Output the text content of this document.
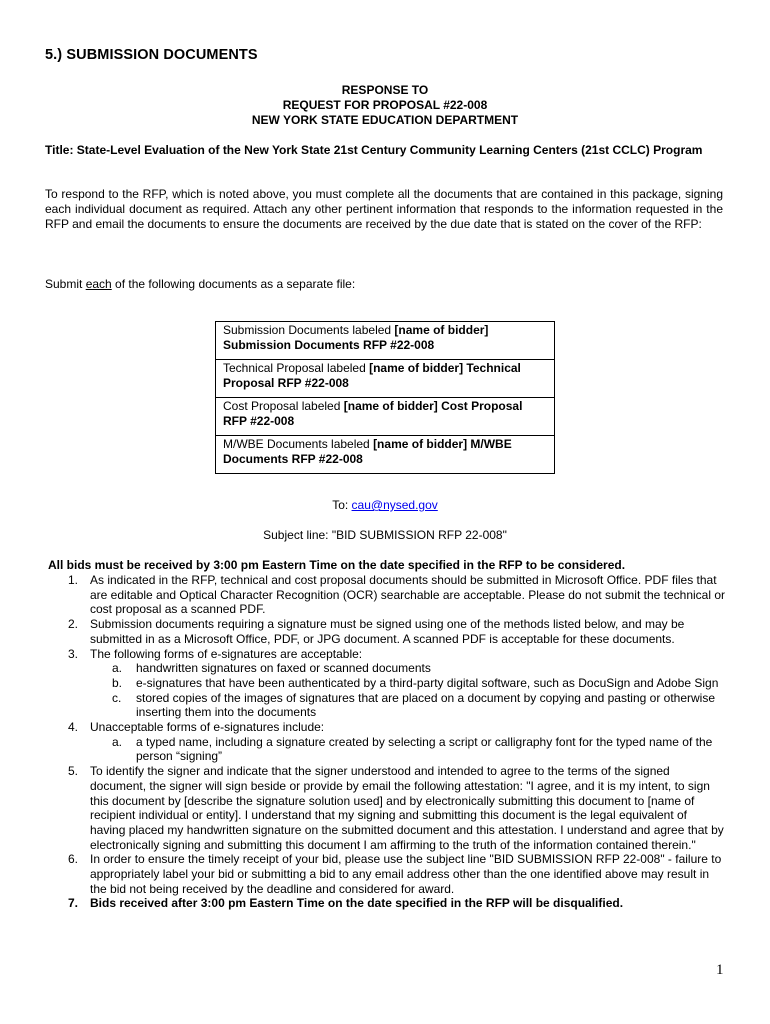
5.) SUBMISSION DOCUMENTS
RESPONSE TO
REQUEST FOR PROPOSAL #22-008
NEW YORK STATE EDUCATION DEPARTMENT
Title: State-Level Evaluation of the New York State 21st Century Community Learning Centers (21st CCLC) Program
To respond to the RFP, which is noted above, you must complete all the documents that are contained in this package, signing each individual document as required. Attach any other pertinent information that responds to the information requested in the RFP and email the documents to ensure the documents are received by the due date that is stated on the cover of the RFP:
Submit each of the following documents as a separate file:
Submission Documents labeled [name of bidder] Submission Documents RFP #22-008
Technical Proposal labeled [name of bidder] Technical Proposal RFP #22-008
Cost Proposal labeled [name of bidder] Cost Proposal RFP #22-008
M/WBE Documents labeled [name of bidder] M/WBE Documents RFP #22-008
To: cau@nysed.gov
Subject line: "BID SUBMISSION RFP 22-008"
All bids must be received by 3:00 pm Eastern Time on the date specified in the RFP to be considered.
1. As indicated in the RFP, technical and cost proposal documents should be submitted in Microsoft Office. PDF files that are editable and Optical Character Recognition (OCR) searchable are acceptable. Please do not submit the technical or cost proposal as a scanned PDF.
2. Submission documents requiring a signature must be signed using one of the methods listed below, and may be submitted in as a Microsoft Office, PDF, or JPG document. A scanned PDF is acceptable for these documents.
3. The following forms of e-signatures are acceptable:
a. handwritten signatures on faxed or scanned documents
b. e-signatures that have been authenticated by a third-party digital software, such as DocuSign and Adobe Sign
c. stored copies of the images of signatures that are placed on a document by copying and pasting or otherwise inserting them into the documents
4. Unacceptable forms of e-signatures include:
a. a typed name, including a signature created by selecting a script or calligraphy font for the typed name of the person “signing”
5. To identify the signer and indicate that the signer understood and intended to agree to the terms of the signed document, the signer will sign beside or provide by email the following attestation: "I agree, and it is my intent, to sign this document by [describe the signature solution used] and by electronically submitting this document to [name of recipient individual or entity]. I understand that my signing and submitting this document is the legal equivalent of having placed my handwritten signature on the submitted document and this attestation. I understand and agree that by electronically signing and submitting this document I am affirming to the truth of the information contained therein."
6. In order to ensure the timely receipt of your bid, please use the subject line "BID SUBMISSION RFP 22-008" - failure to appropriately label your bid or submitting a bid to any email address other than the one identified above may result in the bid not being received by the deadline and considered for award.
7. Bids received after 3:00 pm Eastern Time on the date specified in the RFP will be disqualified.
1
